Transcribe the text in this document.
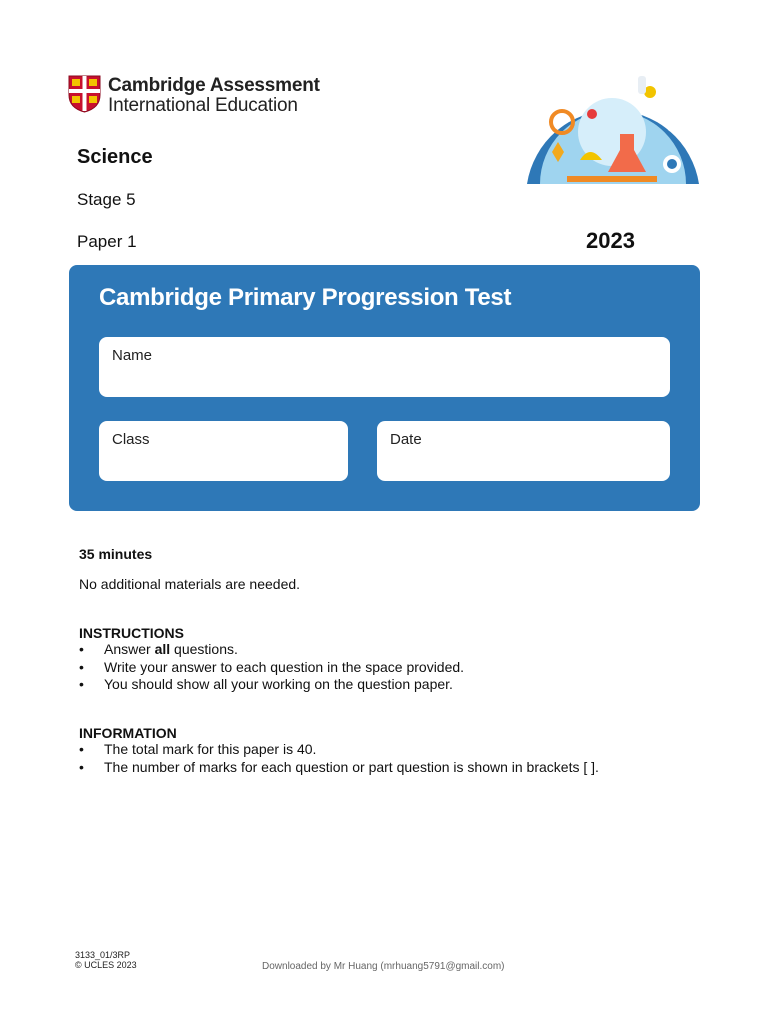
Cambridge Assessment
International Education
Science
Stage 5
Paper 1	2023
Cambridge Primary Progression Test
Name
Class	Date
35 minutes
No additional materials are needed.
INSTRUCTIONS
• Answer all questions.
• Write your answer to each question in the space provided.
• You should show all your working on the question paper.
INFORMATION
• The total mark for this paper is 40.
• The number of marks for each question or part question is shown in brackets [ ].
3133_01/3RP
© UCLES 2023	Downloaded by Mr Huang (mrhuang5791@gmail.com)
